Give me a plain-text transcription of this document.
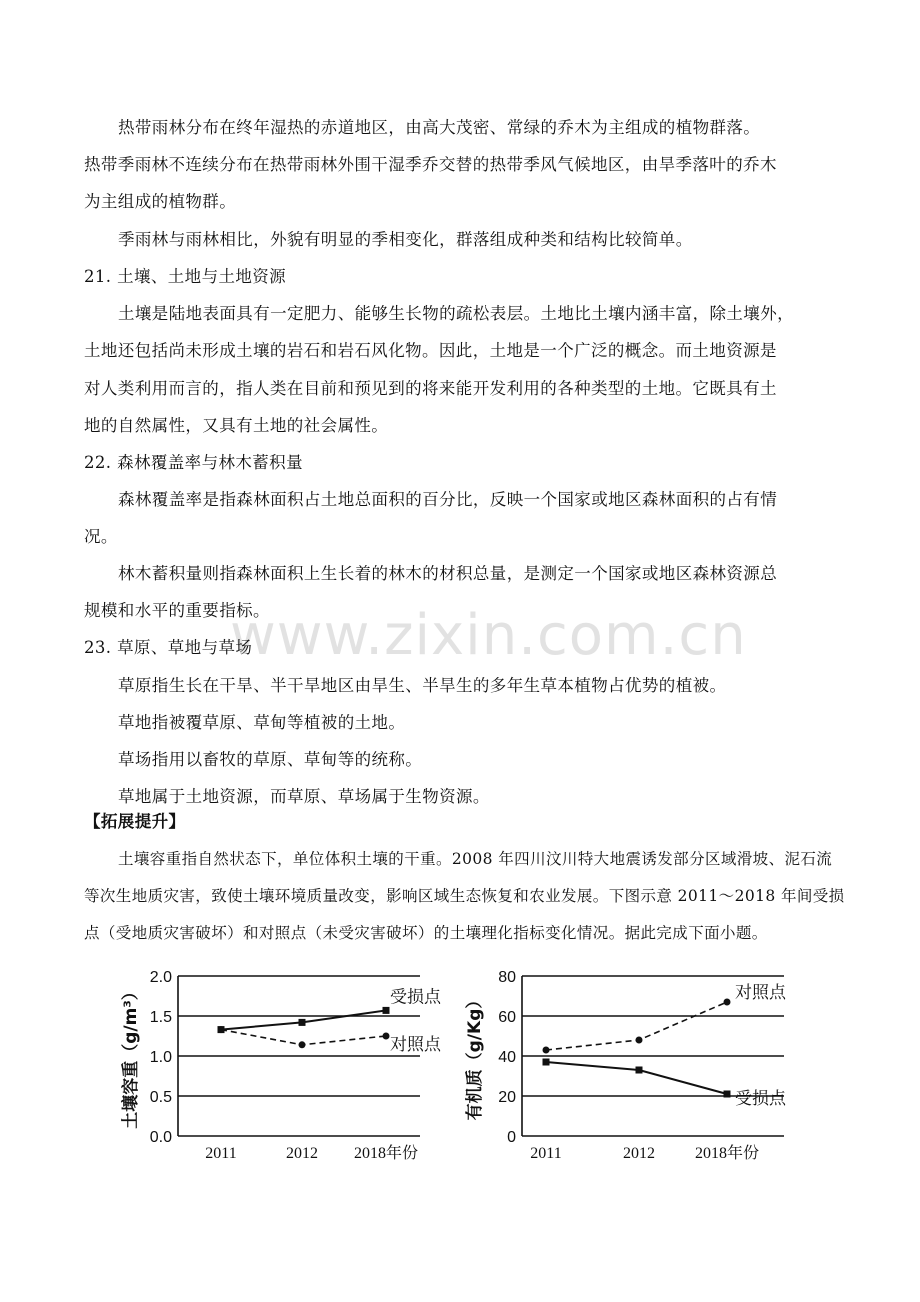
www.zixin.com.cn
热带雨林分布在终年湿热的赤道地区，由高大茂密、常绿的乔木为主组成的植物群落。
热带季雨林不连续分布在热带雨林外围干湿季乔交替的热带季风气候地区，由旱季落叶的乔木
为主组成的植物群。
季雨林与雨林相比，外貌有明显的季相变化，群落组成种类和结构比较简单。
21. 土壤、土地与土地资源
土壤是陆地表面具有一定肥力、能够生长物的疏松表层。土地比土壤内涵丰富，除土壤外，
土地还包括尚未形成土壤的岩石和岩石风化物。因此，土地是一个广泛的概念。而土地资源是
对人类利用而言的，指人类在目前和预见到的将来能开发利用的各种类型的土地。它既具有土
地的自然属性，又具有土地的社会属性。
22. 森林覆盖率与林木蓄积量
森林覆盖率是指森林面积占土地总面积的百分比，反映一个国家或地区森林面积的占有情
况。
林木蓄积量则指森林面积上生长着的林木的材积总量，是测定一个国家或地区森林资源总
规模和水平的重要指标。
23. 草原、草地与草场
草原指生长在干旱、半干旱地区由旱生、半旱生的多年生草本植物占优势的植被。
草地指被覆草原、草甸等植被的土地。
草场指用以畜牧的草原、草甸等的统称。
草地属于土地资源，而草原、草场属于生物资源。
【拓展提升】
土壤容重指自然状态下，单位体积土壤的干重。2008 年四川汶川特大地震诱发部分区域滑坡、泥石流
等次生地质灾害，致使土壤环境质量改变，影响区域生态恢复和农业发展。下图示意 2011～2018 年间受损
点（受地质灾害破坏）和对照点（未受灾害破坏）的土壤理化指标变化情况。据此完成下面小题。
土壤容重（g/m³）
0.0
0.5
1.0
1.5
2.0
2011	2012 2018年份
受损点
对照点 有机质（g/Kg）
0
20
40
60
80
2011	2012 2018年份
对照点
受损点
